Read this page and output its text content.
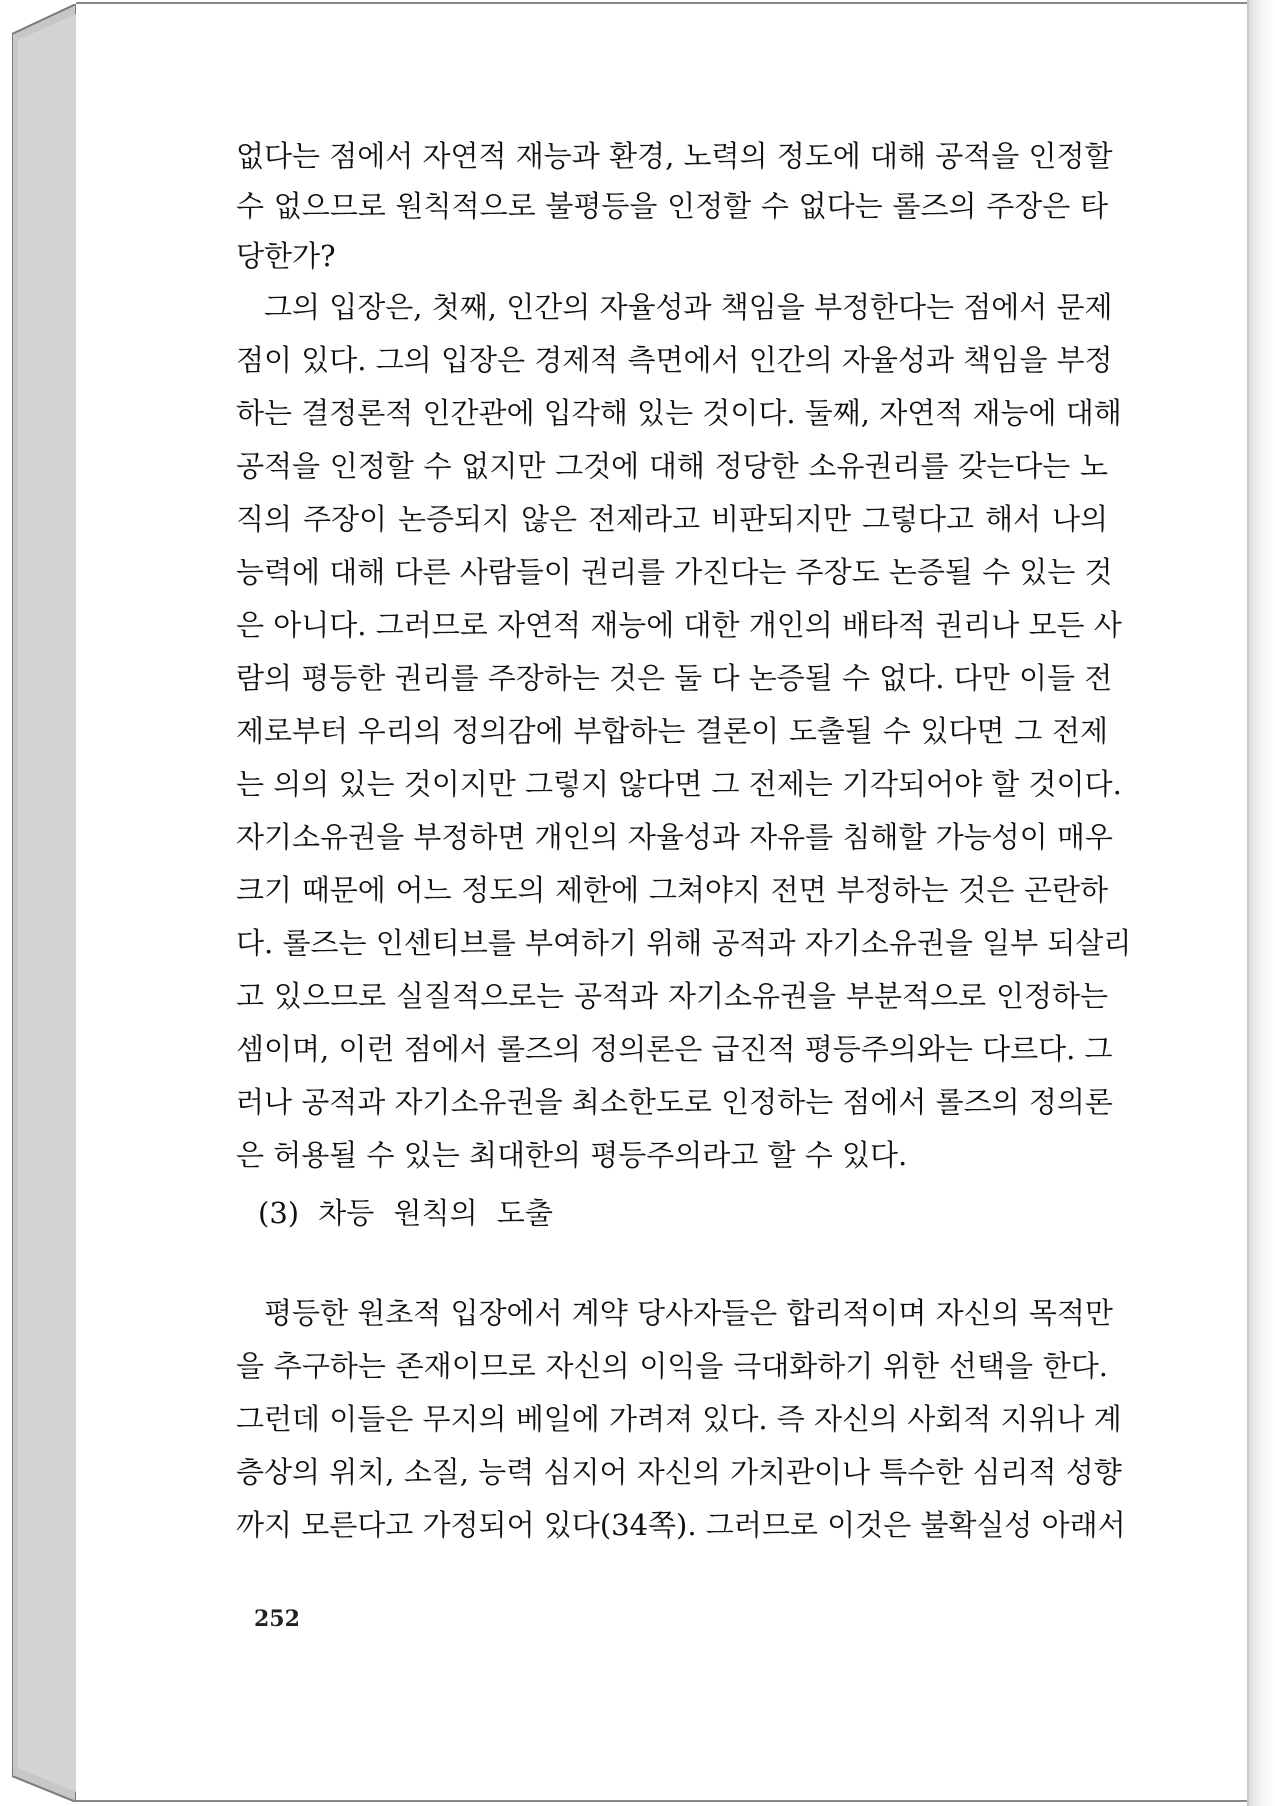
없다는 점에서 자연적 재능과 환경, 노력의 정도에 대해 공적을 인정할
수 없으므로 원칙적으로 불평등을 인정할 수 없다는 롤즈의 주장은 타
당한가?
그의 입장은, 첫째, 인간의 자율성과 책임을 부정한다는 점에서 문제
점이 있다. 그의 입장은 경제적 측면에서 인간의 자율성과 책임을 부정
하는 결정론적 인간관에 입각해 있는 것이다. 둘째, 자연적 재능에 대해
공적을 인정할 수 없지만 그것에 대해 정당한 소유권리를 갖는다는 노
직의 주장이 논증되지 않은 전제라고 비판되지만 그렇다고 해서 나의
능력에 대해 다른 사람들이 권리를 가진다는 주장도 논증될 수 있는 것
은 아니다. 그러므로 자연적 재능에 대한 개인의 배타적 권리나 모든 사
람의 평등한 권리를 주장하는 것은 둘 다 논증될 수 없다. 다만 이들 전
제로부터 우리의 정의감에 부합하는 결론이 도출될 수 있다면 그 전제
는 의의 있는 것이지만 그렇지 않다면 그 전제는 기각되어야 할 것이다.
자기소유권을 부정하면 개인의 자율성과 자유를 침해할 가능성이 매우
크기 때문에 어느 정도의 제한에 그쳐야지 전면 부정하는 것은 곤란하
다. 롤즈는 인센티브를 부여하기 위해 공적과 자기소유권을 일부 되살리
고 있으므로 실질적으로는 공적과 자기소유권을 부분적으로 인정하는
셈이며, 이런 점에서 롤즈의 정의론은 급진적 평등주의와는 다르다. 그
러나 공적과 자기소유권을 최소한도로 인정하는 점에서 롤즈의 정의론
은 허용될 수 있는 최대한의 평등주의라고 할 수 있다.
(3) 차등 원칙의 도출
평등한 원초적 입장에서 계약 당사자들은 합리적이며 자신의 목적만
을 추구하는 존재이므로 자신의 이익을 극대화하기 위한 선택을 한다.
그런데 이들은 무지의 베일에 가려져 있다. 즉 자신의 사회적 지위나 계
층상의 위치, 소질, 능력 심지어 자신의 가치관이나 특수한 심리적 성향
까지 모른다고 가정되어 있다(34쪽). 그러므로 이것은 불확실성 아래서
252
